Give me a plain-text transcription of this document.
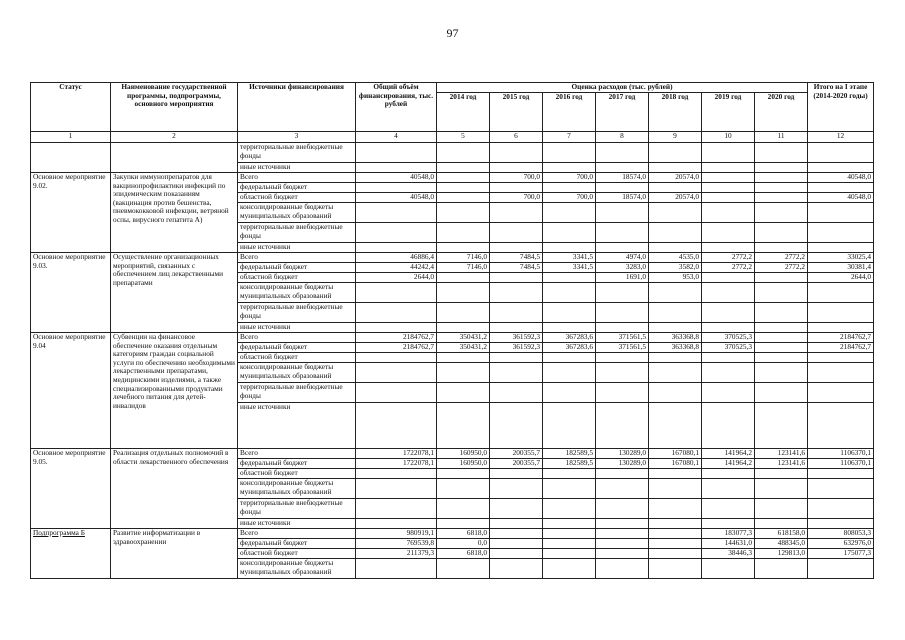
97
Статус	Наименование государственной программы, подпрограммы, основного мероприятия	Источники финансирования	Общий объём финансирования, тыс. рублей	Оценка расходов (тыс. рублей)							Итого на I этапе (2014-2020 годы)
				2014 год	2015 год	2016 год	2017 год	2018 год	2019 год	2020 год	
1	2	3	4	5	6	7	8	9	10	11	12
		территориальные внебюджетные фонды									
		иные источники									
Основное мероприятие 9.02.	Закупки иммунопрепаратов для вакцинопрофилактики инфекций по эпидемическим показаниям (вакцинация против бешенства, пневмококковой инфекции, ветряной оспы, вирусного гепатита А)	Всего	40548,0		700,0	700,0	18574,0	20574,0			40548,0
		федеральный бюджет									
		областной бюджет	40548,0		700,0	700,0	18574,0	20574,0			40548,0
		консолидированные бюджеты муниципальных образований									
		территориальные внебюджетные фонды									
		иные источники									
Основное мероприятие 9.03.	Осуществление организационных мероприятий, связанных с обеспечением лиц лекарственными препаратами	Всего	46886,4	7146,0	7484,5	3341,5	4974,0	4535,0	2772,2	2772,2	33025,4
		федеральный бюджет	44242,4	7146,0	7484,5	3341,5	3283,0	3582,0	2772,2	2772,2	30381,4
		областной бюджет	2644,0				1691,0	953,0			2644,0
		консолидированные бюджеты муниципальных образований									
		территориальные внебюджетные фонды									
		иные источники									
Основное мероприятие 9.04	Субвенции на финансовое обеспечение оказания отдельным категориям граждан социальной услуги по обеспечению необходимыми лекарственными препаратами, медицинскими изделиями, а также специализированными продуктами лечебного питания для детей-инвалидов	Всего	2184762,7	350431,2	361592,3	367283,6	371561,5	363368,8	370525,3		2184762,7
		федеральный бюджет	2184762,7	350431,2	361592,3	367283,6	371561,5	363368,8	370525,3		2184762,7
		областной бюджет									
		консолидированные бюджеты муниципальных образований									
		территориальные внебюджетные фонды									
		иные источники									
Основное мероприятие 9.05.	Реализация отдельных полномочий в области лекарственного обеспечения	Всего	1722078,1	160950,0	200355,7	182589,5	130289,0	167080,1	141964,2	123141,6	1106370,1
		федеральный бюджет	1722078,1	160950,0	200355,7	182589,5	130289,0	167080,1	141964,2	123141,6	1106370,1
		областной бюджет									
		консолидированные бюджеты муниципальных образований									
		территориальные внебюджетные фонды									
		иные источники									
Подпрограмма Б	Развитие информатизации в здравоохранении	Всего	980919,1	6818,0					183077,3	618158,0	808053,3
		федеральный бюджет	769539,8	0,0					144631,0	488345,0	632976,0
		областной бюджет	211379,3	6818,0					38446,3	129813,0	175077,3
		консолидированные бюджеты муниципальных образований									
